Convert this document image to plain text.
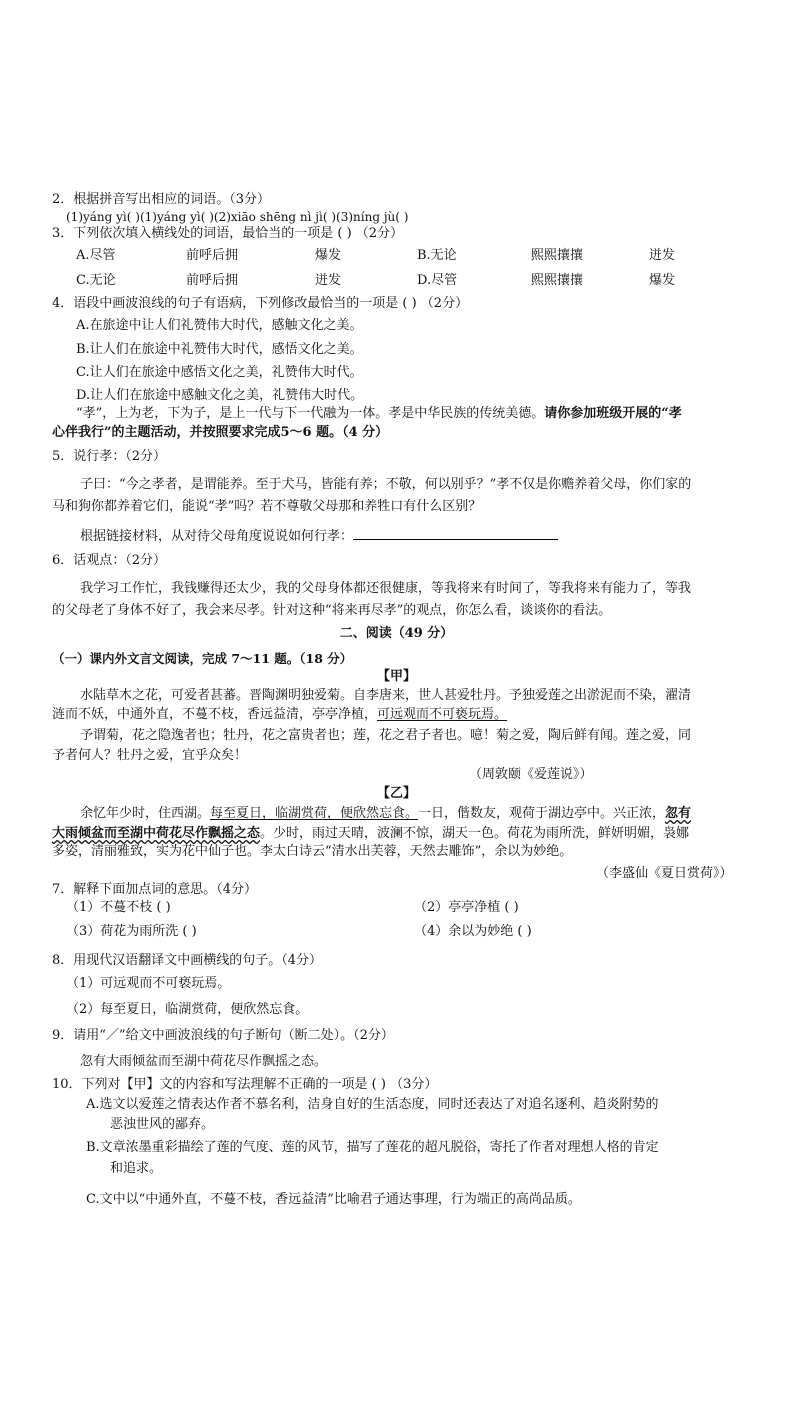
2．根据拼音写出相应的词语。（3分）
(1)yáng yì( )(1)yáng yì( )(2)xiāo shēng nì jì( )(3)níng jù( )
3．下列依次填入横线处的词语，最恰当的一项是 ( ) （2分）
A.尽管	前呼后拥	爆发	B.无论	熙熙攘攘	迸发
C.无论	前呼后拥	迸发	D.尽管	熙熙攘攘	爆发
4．语段中画波浪线的句子有语病，下列修改最恰当的一项是 ( ) （2分）
A.在旅途中让人们礼赞伟大时代，感触文化之美。
B.让人们在旅途中礼赞伟大时代，感悟文化之美。
C.让人们在旅途中感悟文化之美，礼赞伟大时代。
D.让人们在旅途中感触文化之美，礼赞伟大时代。
“孝”，上为老，下为子，是上一代与下一代融为一体。孝是中华民族的传统美德。请你参加班级开展的“孝
心伴我行”的主题活动，并按照要求完成5～6 题。（4 分）
5．说行孝：（2分）
子曰：“今之孝者，是谓能养。至于犬马，皆能有养；不敬，何以别乎？”孝不仅是你赡养着父母，你们家的
马和狗你都养着它们，能说“孝”吗？若不尊敬父母那和养牲口有什么区别？
根据链接材料，从对待父母角度说说如何行孝：
6．话观点：（2分）
我学习工作忙，我钱赚得还太少，我的父母身体都还很健康，等我将来有时间了，等我将来有能力了，等我
的父母老了身体不好了，我会来尽孝。针对这种“将来再尽孝”的观点，你怎么看，谈谈你的看法。
二、阅读（49 分）
（一）课内外文言文阅读，完成 7～11 题。（18 分）
【甲】
水陆草木之花，可爱者甚蕃。晋陶渊明独爱菊。自李唐来，世人甚爱牡丹。予独爱莲之出淤泥而不染，濯清
涟而不妖，中通外直，不蔓不枝，香远益清，亭亭净植，可远观而不可亵玩焉。
予谓菊，花之隐逸者也；牡丹，花之富贵者也；莲，花之君子者也。噫！菊之爱，陶后鲜有闻。莲之爱，同
予者何人？牡丹之爱，宜乎众矣！
（周敦颐《爱莲说》）
【乙】
余忆年少时，住西湖。每至夏日，临湖赏荷，便欣然忘食。一日，偕数友，观荷于湖边亭中。兴正浓，忽有
大雨倾盆而至湖中荷花尽作飘摇之态。少时，雨过天晴，波澜不惊，湖天一色。荷花为雨所洗，鲜妍明媚，袅娜
多姿，清丽雅致，实为花中仙子也。李太白诗云“清水出芙蓉，天然去雕饰”，余以为妙绝。
（李盛仙《夏日赏荷》）
7．解释下面加点词的意思。（4分）
（1）不蔓不枝 ( )	（2）亭亭净植 ( )
（3）荷花为雨所洗 ( )	（4）余以为妙绝 ( )
8．用现代汉语翻译文中画横线的句子。（4分）
（1）可远观而不可亵玩焉。
（2）每至夏日，临湖赏荷，便欣然忘食。
9．请用“／”给文中画波浪线的句子断句（断二处）。（2分）
忽有大雨倾盆而至湖中荷花尽作飘摇之态。
10．下列对【甲】文的内容和写法理解不正确的一项是 ( ) （3分）
A.选文以爱莲之情表达作者不慕名利，洁身自好的生活态度，同时还表达了对追名逐利、趋炎附势的
恶浊世风的鄙弃。
B.文章浓墨重彩描绘了莲的气度、莲的风节，描写了莲花的超凡脱俗，寄托了作者对理想人格的肯定
和追求。
C.文中以“中通外直，不蔓不枝，香远益清”比喻君子通达事理，行为端正的高尚品质。
